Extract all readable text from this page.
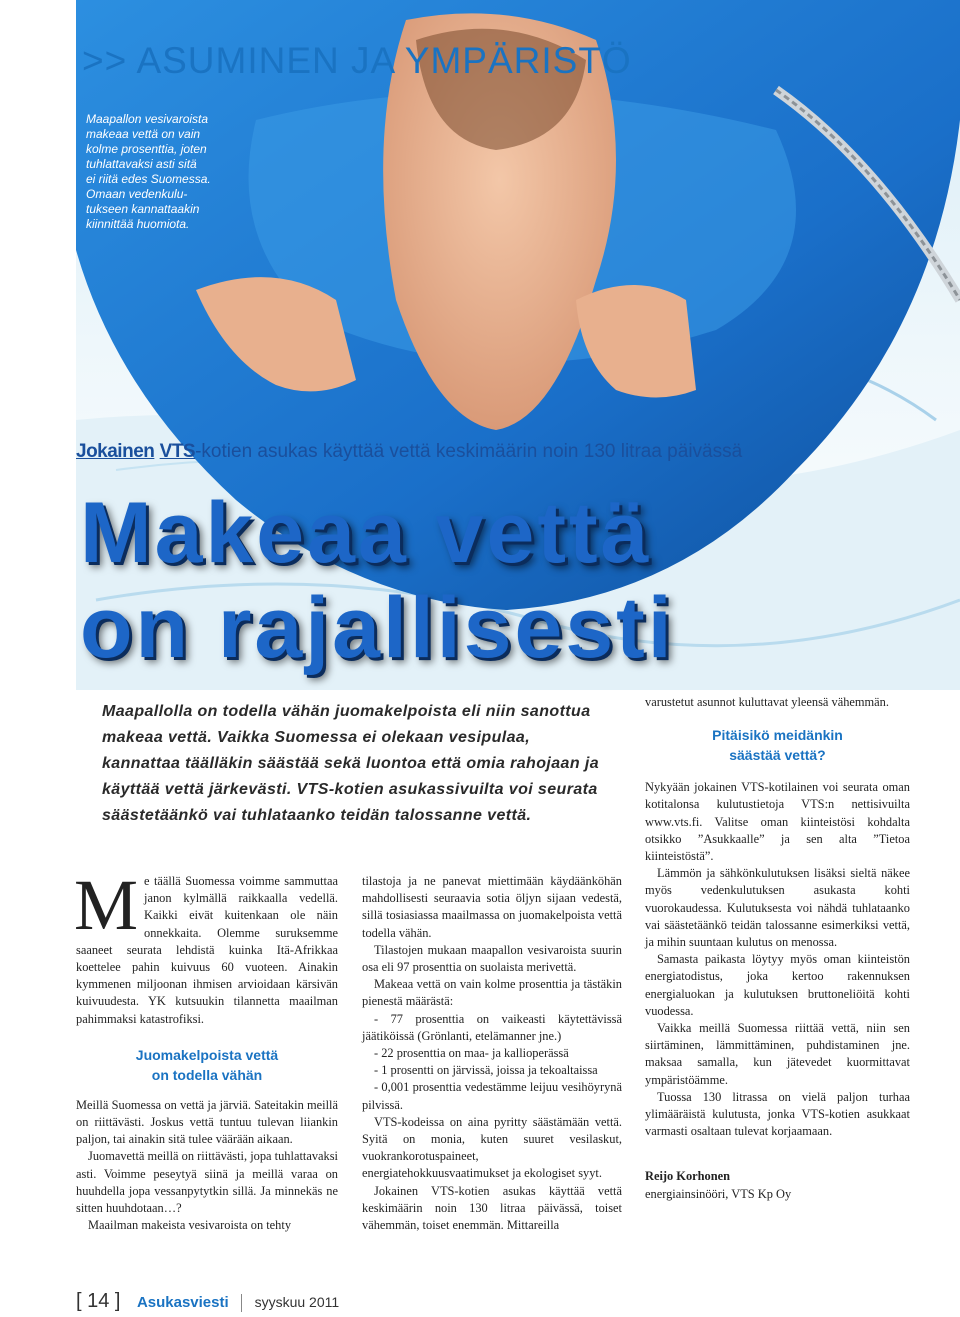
>> ASUMINEN JA YMPÄRISTÖ

Maapallon vesivaroista

makeaa vettä on vain

kolme prosenttia, joten

tuhlattavaksi asti sitä

ei riitä edes Suomessa.

Omaan vedenkulu-

tukseen kannattaakin

kiinnittää huomiota.

Jokainen VTS-kotien asukas käyttää vettä keskimäärin noin 130 litraa päivässä
Makeaa vettä
on rajallisesti

Maapallolla on todella vähän juomakelpoista eli niin sanottua makeaa vettä. Vaikka Suomessa ei olekaan vesipulaa, kannattaa täälläkin säästää sekä luontoa että omia rahojaan ja käyttää vettä järkevästi. VTS-kotien asukassivuilta voi seurata säästetäänkö vai tuhlataanko teidän talossanne vettä.

Me täällä Suomessa voimme sammuttaa janon kylmällä raikkaalla vedellä. Kaikki eivät kuitenkaan ole näin onnekkaita. Olemme suruksemme saaneet seurata lehdistä kuinka Itä-Afrikkaa koettelee pahin kuivuus 60 vuoteen. Ainakin kymmenen miljoonan ihmisen arvioidaan kärsivän kuivuudesta. YK kutsuukin tilannetta maailman pahimmaksi katastrofiksi.

Juomakelpoista vettä
on todella vähän

Meillä Suomessa on vettä ja järviä. Sateitakin meillä on riittävästi. Joskus vettä tuntuu tulevan liiankin paljon, tai ainakin sitä tulee väärään aikaan.

Juomavettä meillä on riittävästi, jopa tuhlattavaksi asti. Voimme peseytyä siinä ja meillä varaa on huuhdella jopa vessanpytytkin sillä. Ja minnekäs ne sitten huuhdotaan…?

Maailman makeista vesivaroista on tehty

tilastoja ja ne panevat miettimään käydäänköhän mahdollisesti seuraavia sotia öljyn sijaan vedestä, sillä tosiasiassa maailmassa on juomakelpoista vettä todella vähän.

Tilastojen mukaan maapallon vesivaroista suurin osa eli 97 prosenttia on suolaista merivettä.

Makeaa vettä on vain kolme prosenttia ja tästäkin pienestä määrästä:

- 77 prosenttia on vaikeasti käytettävissä jäätiköissä (Grönlanti, etelämanner jne.)

- 22 prosenttia on maa- ja kallioperässä

- 1 prosentti on järvissä, joissa ja tekoaltaissa

- 0,001 prosenttia vedestämme leijuu vesihöyrynä pilvissä.

VTS-kodeissa on aina pyritty säästämään vettä. Syitä on monia, kuten suuret vesilaskut, vuokrankorotuspaineet, energiatehokkuusvaatimukset ja ekologiset syyt.

Jokainen VTS-kotien asukas käyttää vettä keskimäärin noin 130 litraa päivässä, toiset vähemmän, toiset enemmän. Mittareilla

varustetut asunnot kuluttavat yleensä vähemmän.

Pitäisikö meidänkin
säästää vettä?

Nykyään jokainen VTS-kotilainen voi seurata oman kotitalonsa kulutustietoja VTS:n nettisivuilta www.vts.fi. Valitse oman kiinteistösi kohdalta otsikko ”Asukkaalle” ja sen alta ”Tietoa kiinteistöstä”.

Lämmön ja sähkönkulutuksen lisäksi sieltä näkee myös vedenkulutuksen asukasta kohti vuorokaudessa. Kulutuksesta voi nähdä tuhlataanko vai säästetäänkö teidän talossanne esimerkiksi vettä, ja mihin suuntaan kulutus on menossa.

Samasta paikasta löytyy myös oman kiinteistön energiatodistus, joka kertoo rakennuksen energialuokan ja kulutuksen bruttoneliöitä kohti vuodessa.

Vaikka meillä Suomessa riittää vettä, niin sen siirtäminen, lämmittäminen, puhdistaminen jne. maksaa samalla, kun jätevedet kuormittavat ympäristöämme.

Tuossa 130 litrassa on vielä paljon turhaa ylimääräistä kulutusta, jonka VTS-kotien asukkaat varmasti osaltaan tulevat korjaamaan.

Reijo Korhonen

energiainsinööri, VTS Kp Oy

[ 14 ] Asukasviesti syyskuu 2011
